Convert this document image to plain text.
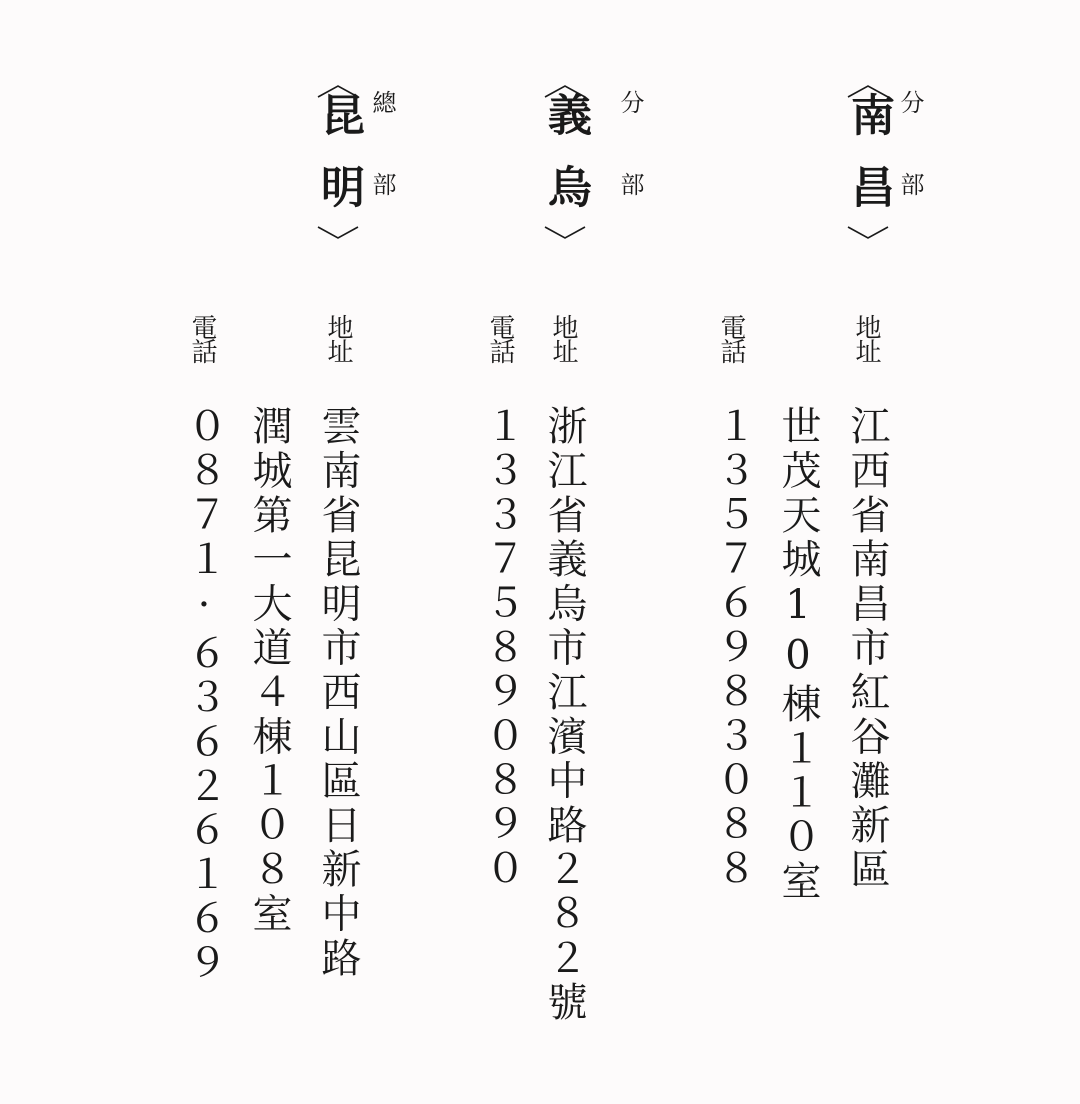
南昌 分部
地址
電話
江西省南昌市紅谷灘新區
世茂天城10棟１１０室
１３５７６９８３０８８
義烏 分部
地址
電話
浙江省義烏市江濱中路２８２號
１３３７５８９０８９０
昆明 總部
地址
電話
雲南省昆明市西山區日新中路
潤城第一大道４棟１０８室
０８７１·６３６２６１６９
